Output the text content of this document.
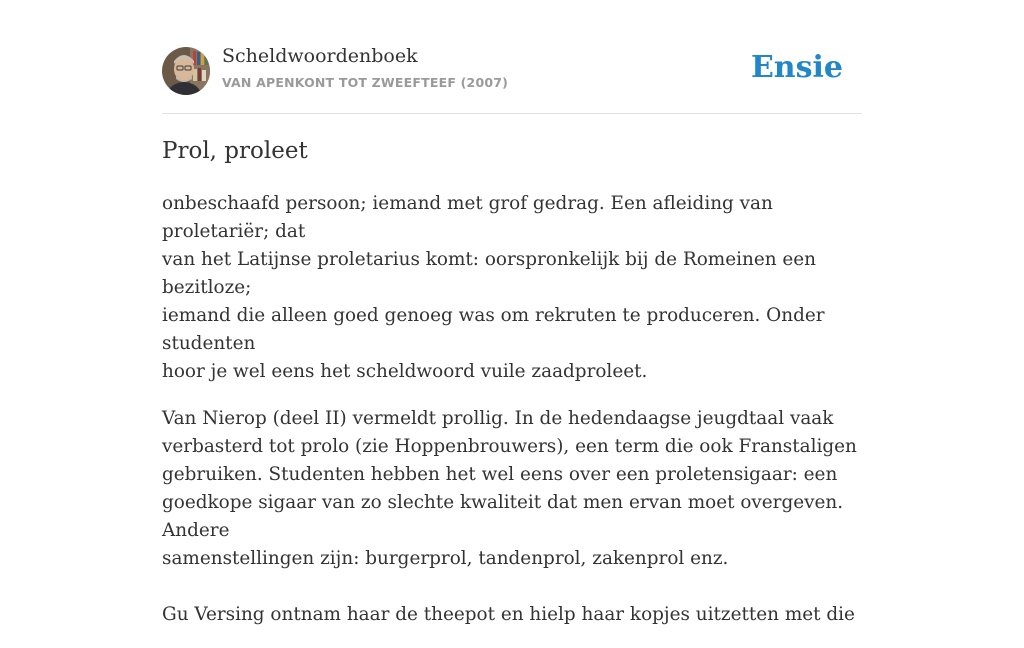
Scheldwoordenboek
VAN APENKONT TOT ZWEEFTEEF (2007)	Ensie
Prol, proleet

onbeschaafd persoon; iemand met grof gedrag. Een afleiding van proletariër; dat
van het Latijnse proletarius komt: oorspronkelijk bij de Romeinen een bezitloze;
iemand die alleen goed genoeg was om rekruten te produceren. Onder studenten
hoor je wel eens het scheldwoord vuile zaadproleet.

Van Nierop (deel II) vermeldt prollig. In de hedendaagse jeugdtaal vaak
verbasterd tot prolo (zie Hoppenbrouwers), een term die ook Franstaligen
gebruiken. Studenten hebben het wel eens over een proletensigaar: een
goedkope sigaar van zo slechte kwaliteit dat men ervan moet overgeven. Andere
samenstellingen zijn: burgerprol, tandenprol, zakenprol enz.

Gu Versing ontnam haar de theepot en hielp haar kopjes uitzetten met die
